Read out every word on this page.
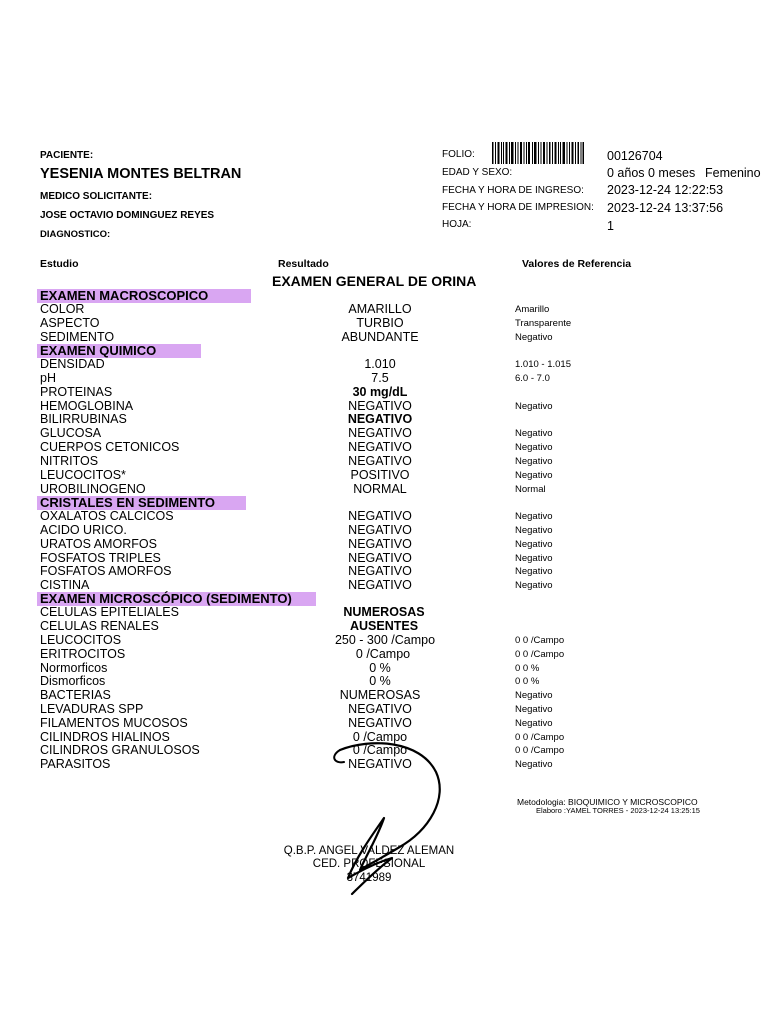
PACIENTE:
YESENIA MONTES BELTRAN
MEDICO SOLICITANTE:
JOSE OCTAVIO DOMINGUEZ REYES
DIAGNOSTICO:
FOLIO:	00126704
EDAD Y SEXO:	0 años 0 meses Femenino
FECHA Y HORA DE INGRESO: 2023-12-24 12:22:53
FECHA Y HORA DE IMPRESION: 2023-12-24 13:37:56
HOJA:	1
Estudio	Resultado	Valores de Referencia
EXAMEN GENERAL DE ORINA
EXAMEN MACROSCOPICO
COLOR	AMARILLO	Amarillo
ASPECTO	TURBIO	Transparente
SEDIMENTO	ABUNDANTE	Negativo
EXAMEN QUIMICO
DENSIDAD	1.010	1.010 - 1.015
pH	7.5	6.0 - 7.0
PROTEINAS	30 mg/dL
HEMOGLOBINA	NEGATIVO	Negativo
BILIRRUBINAS	NEGATIVO
GLUCOSA	NEGATIVO	Negativo
CUERPOS CETONICOS	NEGATIVO	Negativo
NITRITOS	NEGATIVO	Negativo
LEUCOCITOS*	POSITIVO	Negativo
UROBILINOGENO	NORMAL	Normal
CRISTALES EN SEDIMENTO
OXALATOS CALCICOS	NEGATIVO	Negativo
ACIDO URICO.	NEGATIVO	Negativo
URATOS AMORFOS	NEGATIVO	Negativo
FOSFATOS TRIPLES	NEGATIVO	Negativo
FOSFATOS AMORFOS	NEGATIVO	Negativo
CISTINA	NEGATIVO	Negativo
EXAMEN MICROSCÓPICO (SEDIMENTO)
CELULAS EPITELIALES	NUMEROSAS
CELULAS RENALES	AUSENTES
LEUCOCITOS	250 - 300 /Campo	0 0 /Campo
ERITROCITOS	0 /Campo	0 0 /Campo
Normorficos	0 %	0 0 %
Dismorficos	0 %	0 0 %
BACTERIAS	NUMEROSAS	Negativo
LEVADURAS SPP	NEGATIVO	Negativo
FILAMENTOS MUCOSOS	NEGATIVO	Negativo
CILINDROS HIALINOS	0 /Campo	0 0 /Campo
CILINDROS GRANULOSOS	0 /Campo	0 0 /Campo
PARASITOS	NEGATIVO	Negativo
Metodologia: BIOQUIMICO Y MICROSCOPICO
Elaboro :YAMEL TORRES - 2023-12-24 13:25:15
Q.B.P. ANGEL VALDEZ ALEMAN
CED. PROFESIONAL
3741989
